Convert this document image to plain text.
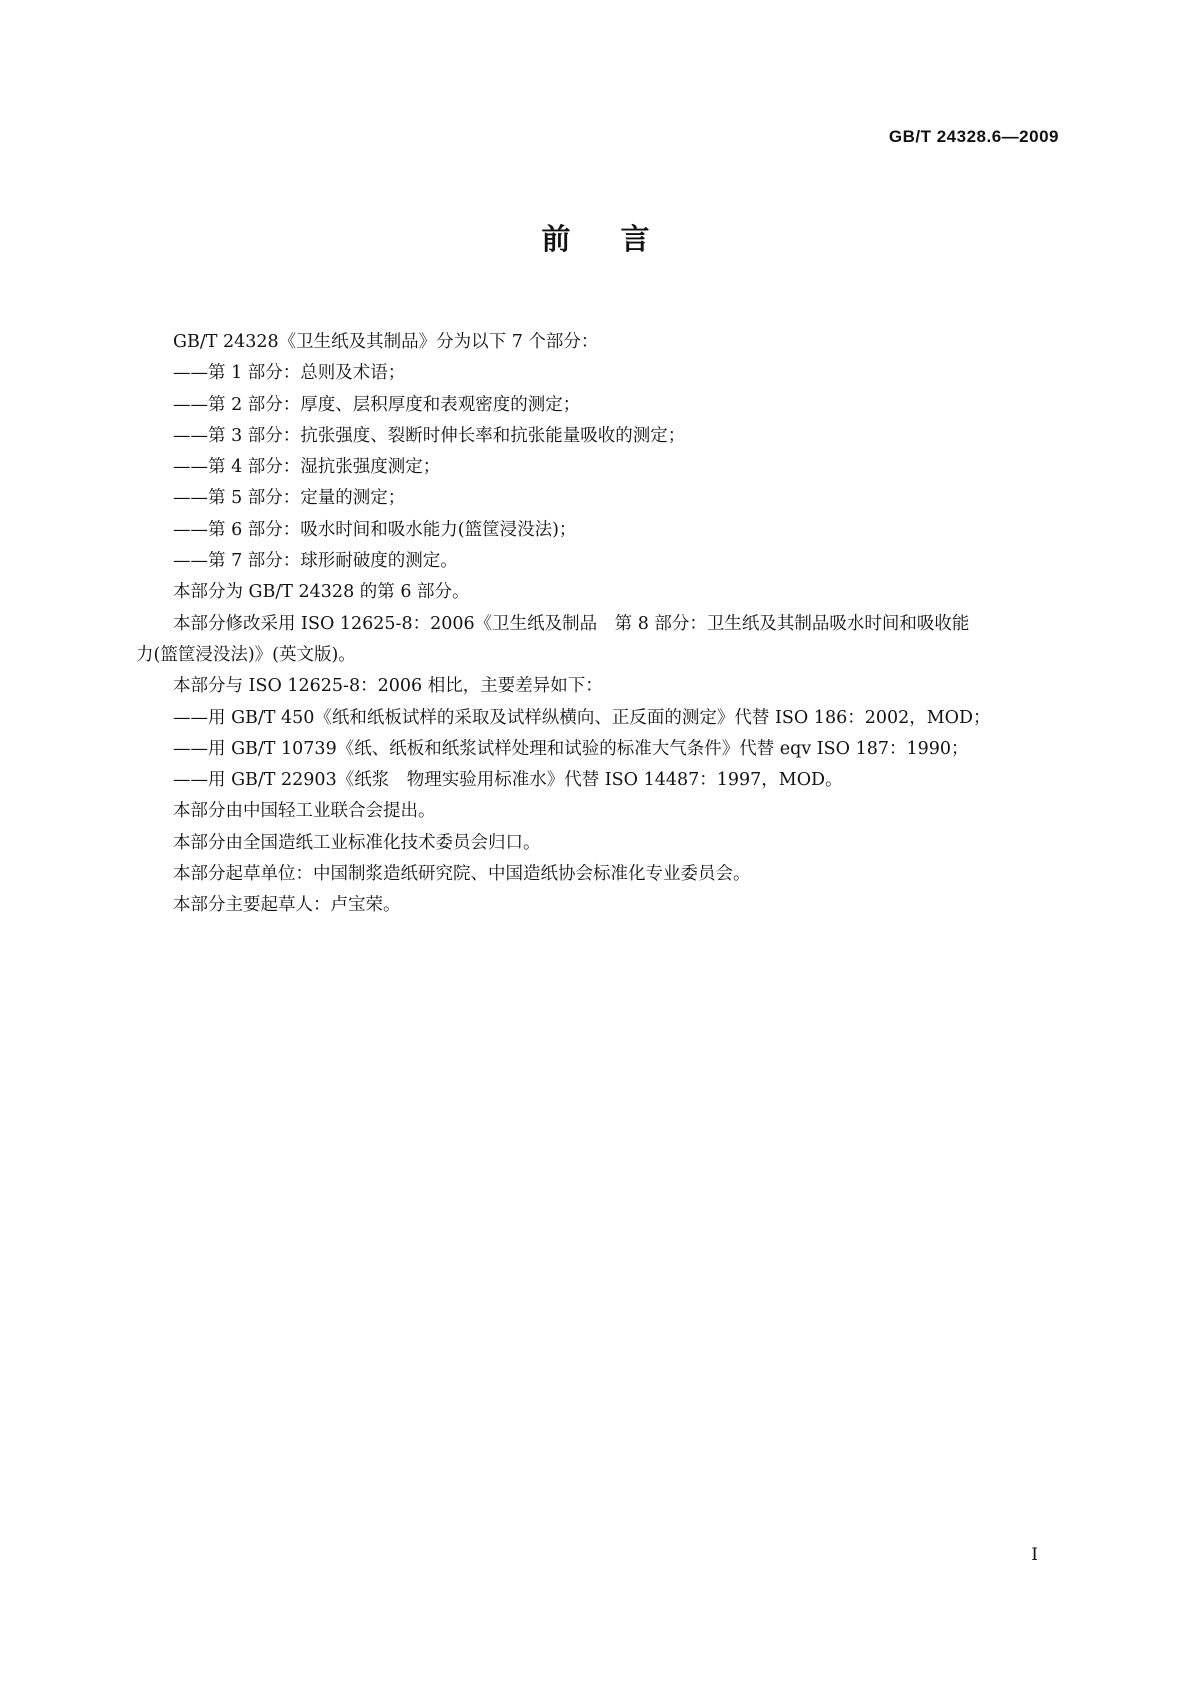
GB/T 24328.6—2009
前言
GB/T 24328《卫生纸及其制品》分为以下 7 个部分：
——第 1 部分：总则及术语；
——第 2 部分：厚度、层积厚度和表观密度的测定；
——第 3 部分：抗张强度、裂断时伸长率和抗张能量吸收的测定；
——第 4 部分：湿抗张强度测定；
——第 5 部分：定量的测定；
——第 6 部分：吸水时间和吸水能力(篮筐浸没法)；
——第 7 部分：球形耐破度的测定。
本部分为 GB/T 24328 的第 6 部分。
本部分修改采用 ISO 12625-8：2006《卫生纸及制品　第 8 部分：卫生纸及其制品吸水时间和吸收能
力(篮筐浸没法)》(英文版)。
本部分与 ISO 12625-8：2006 相比，主要差异如下：
——用 GB/T 450《纸和纸板试样的采取及试样纵横向、正反面的测定》代替 ISO 186：2002，MOD；
——用 GB/T 10739《纸、纸板和纸浆试样处理和试验的标准大气条件》代替 eqv ISO 187：1990；
——用 GB/T 22903《纸浆　物理实验用标准水》代替 ISO 14487：1997，MOD。
本部分由中国轻工业联合会提出。
本部分由全国造纸工业标准化技术委员会归口。
本部分起草单位：中国制浆造纸研究院、中国造纸协会标准化专业委员会。
本部分主要起草人：卢宝荣。
I
